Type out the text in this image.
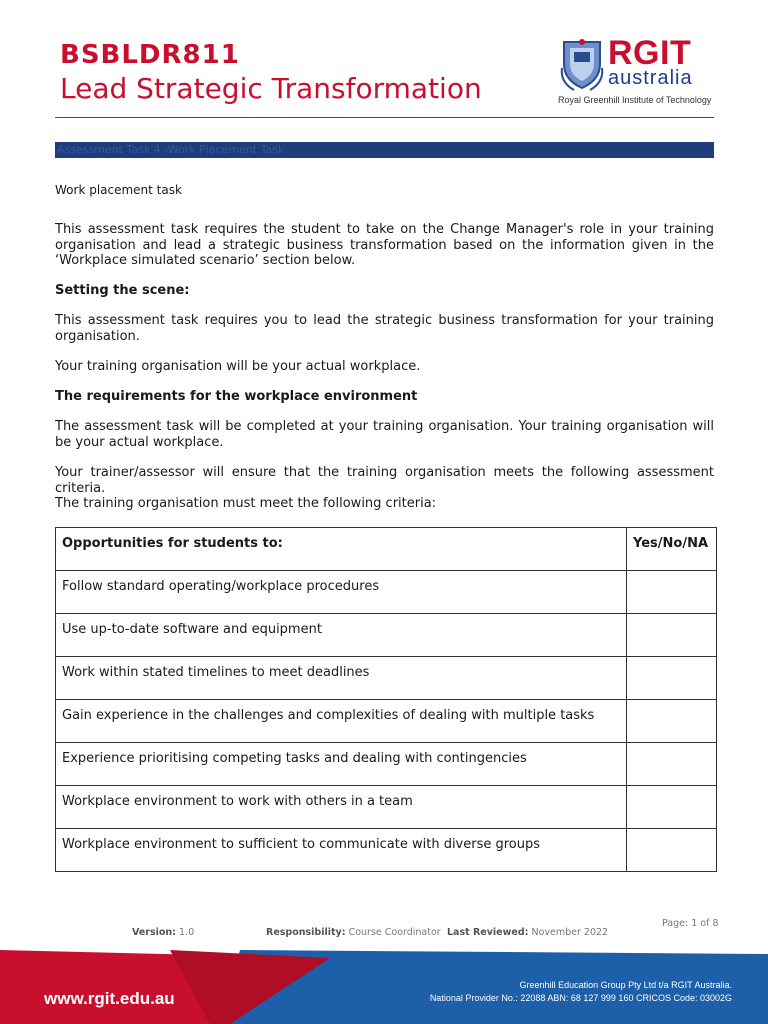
BSBLDR811
Lead Strategic Transformation
RGIT
australia
Royal Greenhill Institute of Technology
Assessment Task 4 -Work Placement Task

Work placement task

This assessment task requires the student to take on the Change Manager's role in your training organisation and lead a strategic business transformation based on the information given in the ‘Workplace simulated scenario’ section below.

Setting the scene:

This assessment task requires you to lead the strategic business transformation for your training organisation.

Your training organisation will be your actual workplace.

The requirements for the workplace environment

The assessment task will be completed at your training organisation. Your training organisation will be your actual workplace.

Your trainer/assessor will ensure that the training organisation meets the following assessment criteria.

The training organisation must meet the following criteria:

Opportunities for students to:	Yes/No/NA
Follow standard operating/workplace procedures	
Use up-to-date software and equipment	
Work within stated timelines to meet deadlines	
Gain experience in the challenges and complexities of dealing with multiple tasks	
Experience prioritising competing tasks and dealing with contingencies	
Workplace environment to work with others in a team	
Workplace environment to sufficient to communicate with diverse groups	
Page: 1 of 8
Version: 1.0	Responsibility: Course Coordinator Last Reviewed: November 2022
www.rgit.edu.au
Greenhill Education Group Pty Ltd t/a RGIT Australia.
National Provider No.: 22088 ABN: 68 127 999 160 CRICOS Code: 03002G
